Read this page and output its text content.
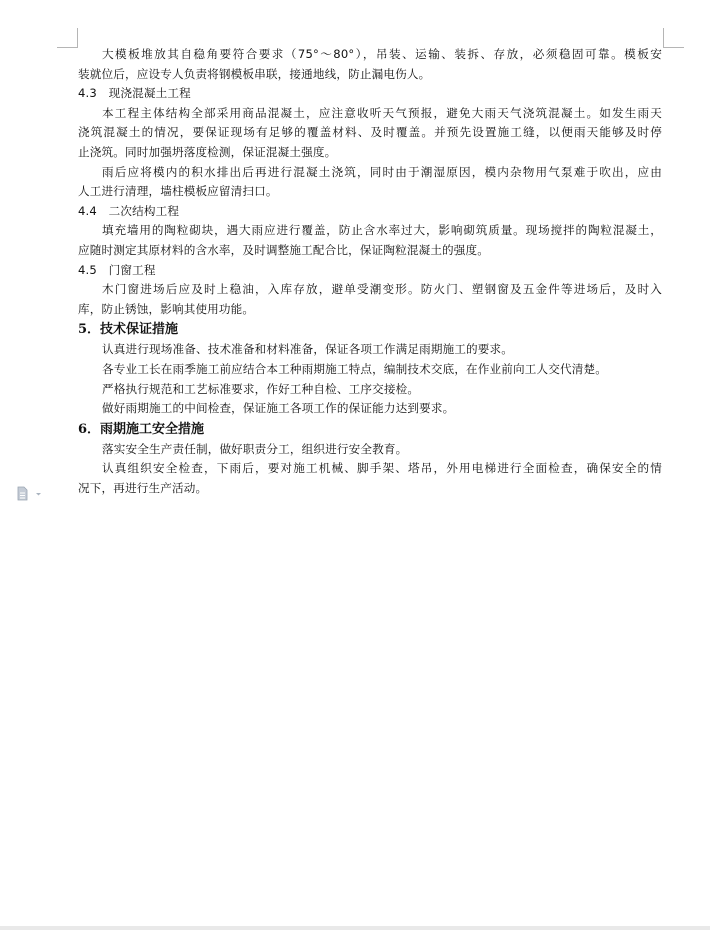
大模板堆放其自稳角要符合要求（75°～80°），吊装、运输、装拆、存放，必须稳固可靠。模板安
装就位后，应设专人负责将钢模板串联，接通地线，防止漏电伤人。
4.3　现浇混凝土工程
本工程主体结构全部采用商品混凝土，应注意收听天气预报，避免大雨天气浇筑混凝土。如发生雨天
浇筑混凝土的情况，要保证现场有足够的覆盖材料、及时覆盖。并预先设置施工缝，以便雨天能够及时停
止浇筑。同时加强坍落度检测，保证混凝土强度。
雨后应将模内的积水排出后再进行混凝土浇筑，同时由于潮湿原因，模内杂物用气泵难于吹出，应由
人工进行清理，墙柱模板应留清扫口。
4.4　二次结构工程
填充墙用的陶粒砌块，遇大雨应进行覆盖，防止含水率过大，影响砌筑质量。现场搅拌的陶粒混凝土，
应随时测定其原材料的含水率，及时调整施工配合比，保证陶粒混凝土的强度。
4.5　门窗工程
木门窗进场后应及时上稳油，入库存放，避单受潮变形。防火门、塑钢窗及五金件等进场后，及时入
库，防止锈蚀，影响其使用功能。
5．技术保证措施
认真进行现场准备、技术准备和材料准备，保证各项工作满足雨期施工的要求。
各专业工长在雨季施工前应结合本工种雨期施工特点，编制技术交底，在作业前向工人交代清楚。
严格执行规范和工艺标准要求，作好工种自检、工序交接检。
做好雨期施工的中间检查，保证施工各项工作的保证能力达到要求。
6．雨期施工安全措施
落实安全生产责任制，做好职责分工，组织进行安全教育。
认真组织安全检查，下雨后，要对施工机械、脚手架、塔吊，外用电梯进行全面检查，确保安全的情
况下，再进行生产活动。
